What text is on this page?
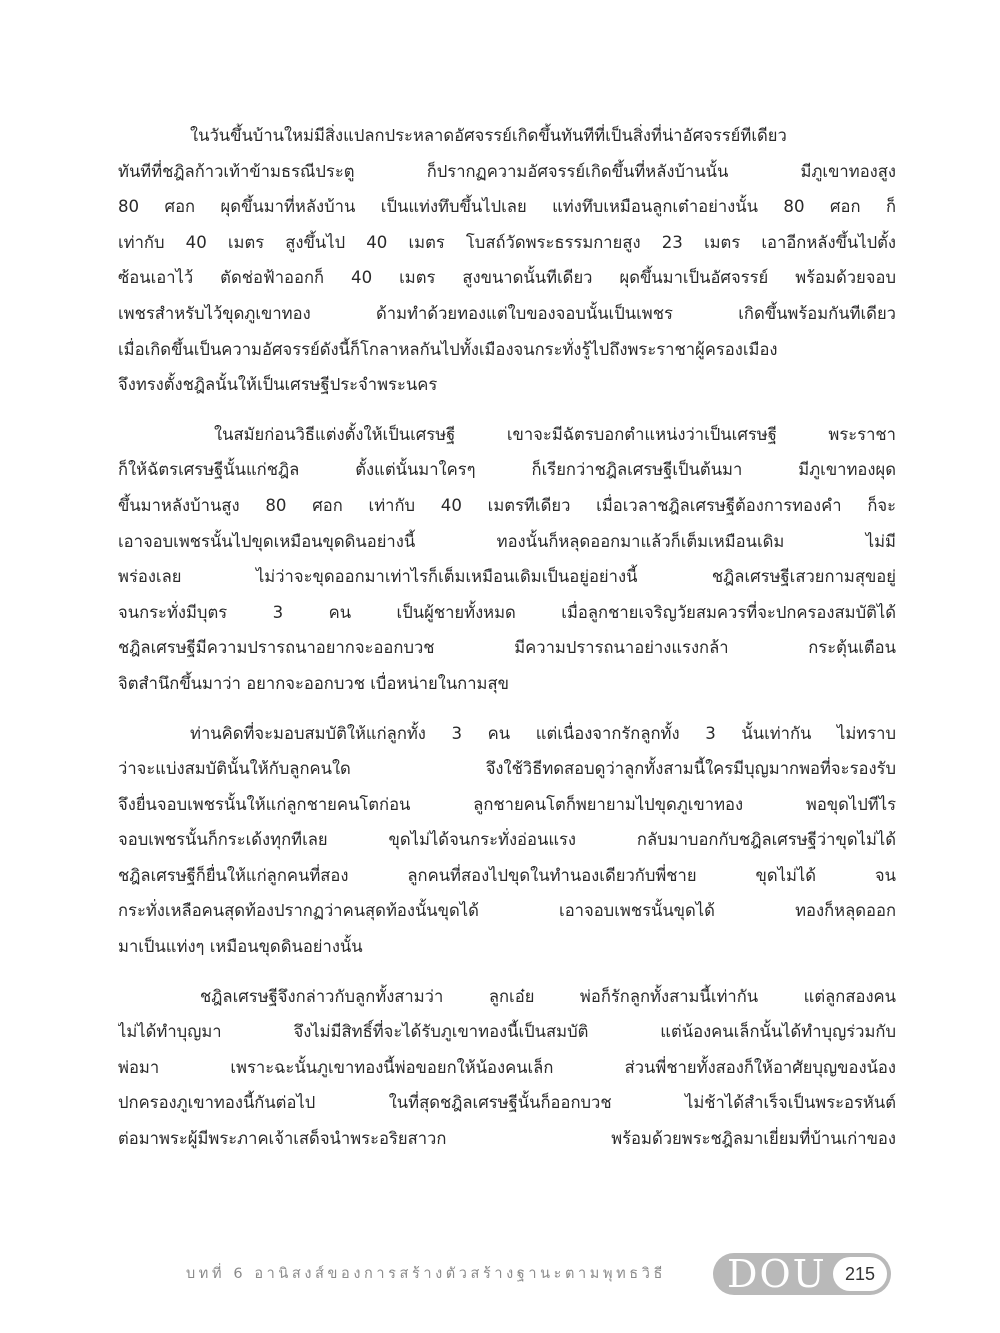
ในวันขึ้นบ้านใหม่มีสิ่งแปลกประหลาดอัศจรรย์เกิดขึ้นทันทีที่เป็นสิ่งที่น่าอัศจรรย์ทีเดียว
ทันทีที่ชฎิลก้าวเท้าข้ามธรณีประตู ก็ปรากฏความอัศจรรย์เกิดขึ้นที่หลังบ้านนั้น มีภูเขาทองสูง
80 ศอก ผุดขึ้นมาที่หลังบ้าน เป็นแท่งทึบขึ้นไปเลย แท่งทึบเหมือนลูกเต๋าอย่างนั้น 80 ศอก ก็
เท่ากับ 40 เมตร สูงขึ้นไป 40 เมตร โบสถ์วัดพระธรรมกายสูง 23 เมตร เอาอีกหลังขึ้นไปตั้ง
ซ้อนเอาไว้ ตัดช่อฟ้าออกก็ 40 เมตร สูงขนาดนั้นทีเดียว ผุดขึ้นมาเป็นอัศจรรย์ พร้อมด้วยจอบ
เพชรสำหรับไว้ขุดภูเขาทอง ด้ามทำด้วยทองแต่ใบของจอบนั้นเป็นเพชร เกิดขึ้นพร้อมกันทีเดียว
เมื่อเกิดขึ้นเป็นความอัศจรรย์ดังนี้ก็โกลาหลกันไปทั้งเมืองจนกระทั่งรู้ไปถึงพระราชาผู้ครองเมือง
จึงทรงตั้งชฎิลนั้นให้เป็นเศรษฐีประจำพระนคร
ในสมัยก่อนวิธีแต่งตั้งให้เป็นเศรษฐี เขาจะมีฉัตรบอกตำแหน่งว่าเป็นเศรษฐี พระราชา
ก็ให้ฉัตรเศรษฐีนั้นแก่ชฎิล ตั้งแต่นั้นมาใครๆ ก็เรียกว่าชฎิลเศรษฐีเป็นต้นมา มีภูเขาทองผุด
ขึ้นมาหลังบ้านสูง 80 ศอก เท่ากับ 40 เมตรทีเดียว เมื่อเวลาชฎิลเศรษฐีต้องการทองคำ ก็จะ
เอาจอบเพชรนั้นไปขุดเหมือนขุดดินอย่างนี้ ทองนั้นก็หลุดออกมาแล้วก็เต็มเหมือนเดิม ไม่มี
พร่องเลย ไม่ว่าจะขุดออกมาเท่าไรก็เต็มเหมือนเดิมเป็นอยู่อย่างนี้ ชฎิลเศรษฐีเสวยกามสุขอยู่
จนกระทั่งมีบุตร 3 คน เป็นผู้ชายทั้งหมด เมื่อลูกชายเจริญวัยสมควรที่จะปกครองสมบัติได้
ชฎิลเศรษฐีมีความปรารถนาอยากจะออกบวช มีความปรารถนาอย่างแรงกล้า กระตุ้นเตือน
จิตสำนึกขึ้นมาว่า อยากจะออกบวช เบื่อหน่ายในกามสุข
ท่านคิดที่จะมอบสมบัติให้แก่ลูกทั้ง 3 คน แต่เนื่องจากรักลูกทั้ง 3 นั้นเท่ากัน ไม่ทราบ
ว่าจะแบ่งสมบัตินั้นให้กับลูกคนใด จึงใช้วิธีทดสอบดูว่าลูกทั้งสามนี้ใครมีบุญมากพอที่จะรองรับ
จึงยื่นจอบเพชรนั้นให้แก่ลูกชายคนโตก่อน ลูกชายคนโตก็พยายามไปขุดภูเขาทอง พอขุดไปทีไร
จอบเพชรนั้นก็กระเด้งทุกทีเลย ขุดไม่ได้จนกระทั่งอ่อนแรง กลับมาบอกกับชฎิลเศรษฐีว่าขุดไม่ได้
ชฎิลเศรษฐีก็ยื่นให้แก่ลูกคนที่สอง ลูกคนที่สองไปขุดในทำนองเดียวกับพี่ชาย ขุดไม่ได้ จน
กระทั่งเหลือคนสุดท้องปรากฏว่าคนสุดท้องนั้นขุดได้ เอาจอบเพชรนั้นขุดได้ ทองก็หลุดออก
มาเป็นแท่งๆ เหมือนขุดดินอย่างนั้น
ชฎิลเศรษฐีจึงกล่าวกับลูกทั้งสามว่า ลูกเอ๋ย พ่อก็รักลูกทั้งสามนี้เท่ากัน แต่ลูกสองคน
ไม่ได้ทำบุญมา จึงไม่มีสิทธิ์ที่จะได้รับภูเขาทองนี้เป็นสมบัติ แต่น้องคนเล็กนั้นได้ทำบุญร่วมกับ
พ่อมา เพราะฉะนั้นภูเขาทองนี้พ่อขอยกให้น้องคนเล็ก ส่วนพี่ชายทั้งสองก็ให้อาศัยบุญของน้อง
ปกครองภูเขาทองนี้กันต่อไป ในที่สุดชฎิลเศรษฐีนั้นก็ออกบวช ไม่ช้าได้สำเร็จเป็นพระอรหันต์
ต่อมาพระผู้มีพระภาคเจ้าเสด็จนำพระอริยสาวก พร้อมด้วยพระชฎิลมาเยี่ยมที่บ้านเก่าของ
บทที่ 6 อานิสงส์ของการสร้างตัวสร้างฐานะตามพุทธวิธี	DOU	215
